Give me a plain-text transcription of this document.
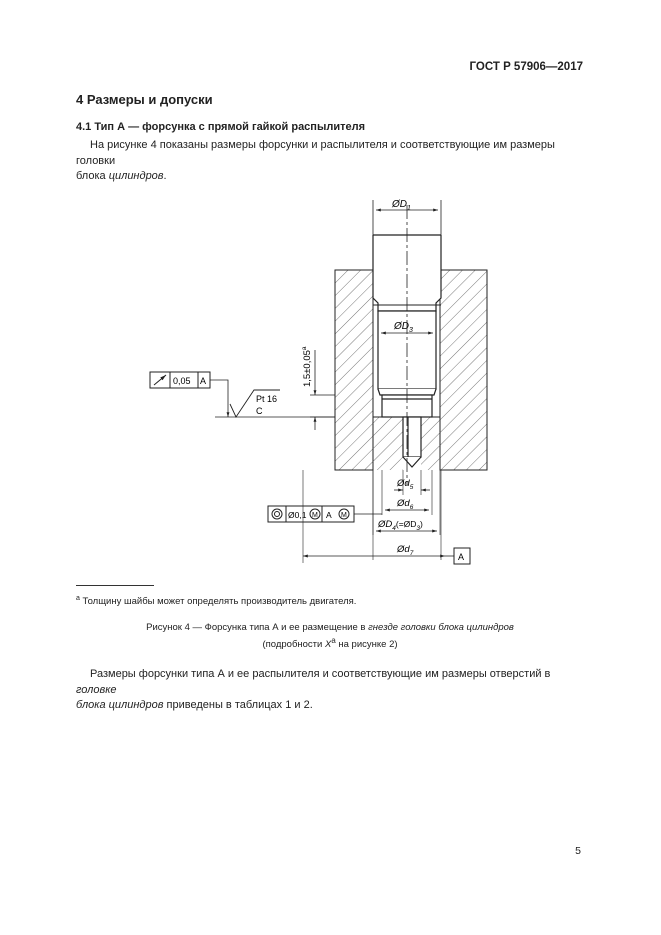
ГОСТ Р 57906—2017
4 Размеры и допуски
4.1 Тип А — форсунка с прямой гайкой распылителя
На рисунке 4 показаны размеры форсунки и распылителя и соответствующие им размеры головки
блока цилиндров.
$ØD_1$
$ØD_3$
1,5±0,05$^a$
0,05 A
Pt 16
C
$Ød_5$
$Ød_6$
Ø0,1 M A M
$ØD_4(=ØD_3)$
$Ød_7$	A
$^a$ Толщину шайбы может определять производитель двигателя.
Рисунок 4 — Форсунка типа А и ее размещение в гнезде головки блока цилиндров
(подробности $X^a$ на рисунке 2)
Размеры форсунки типа А и ее распылителя и соответствующие им размеры отверстий в головке
блока цилиндров приведены в таблицах 1 и 2.
5
